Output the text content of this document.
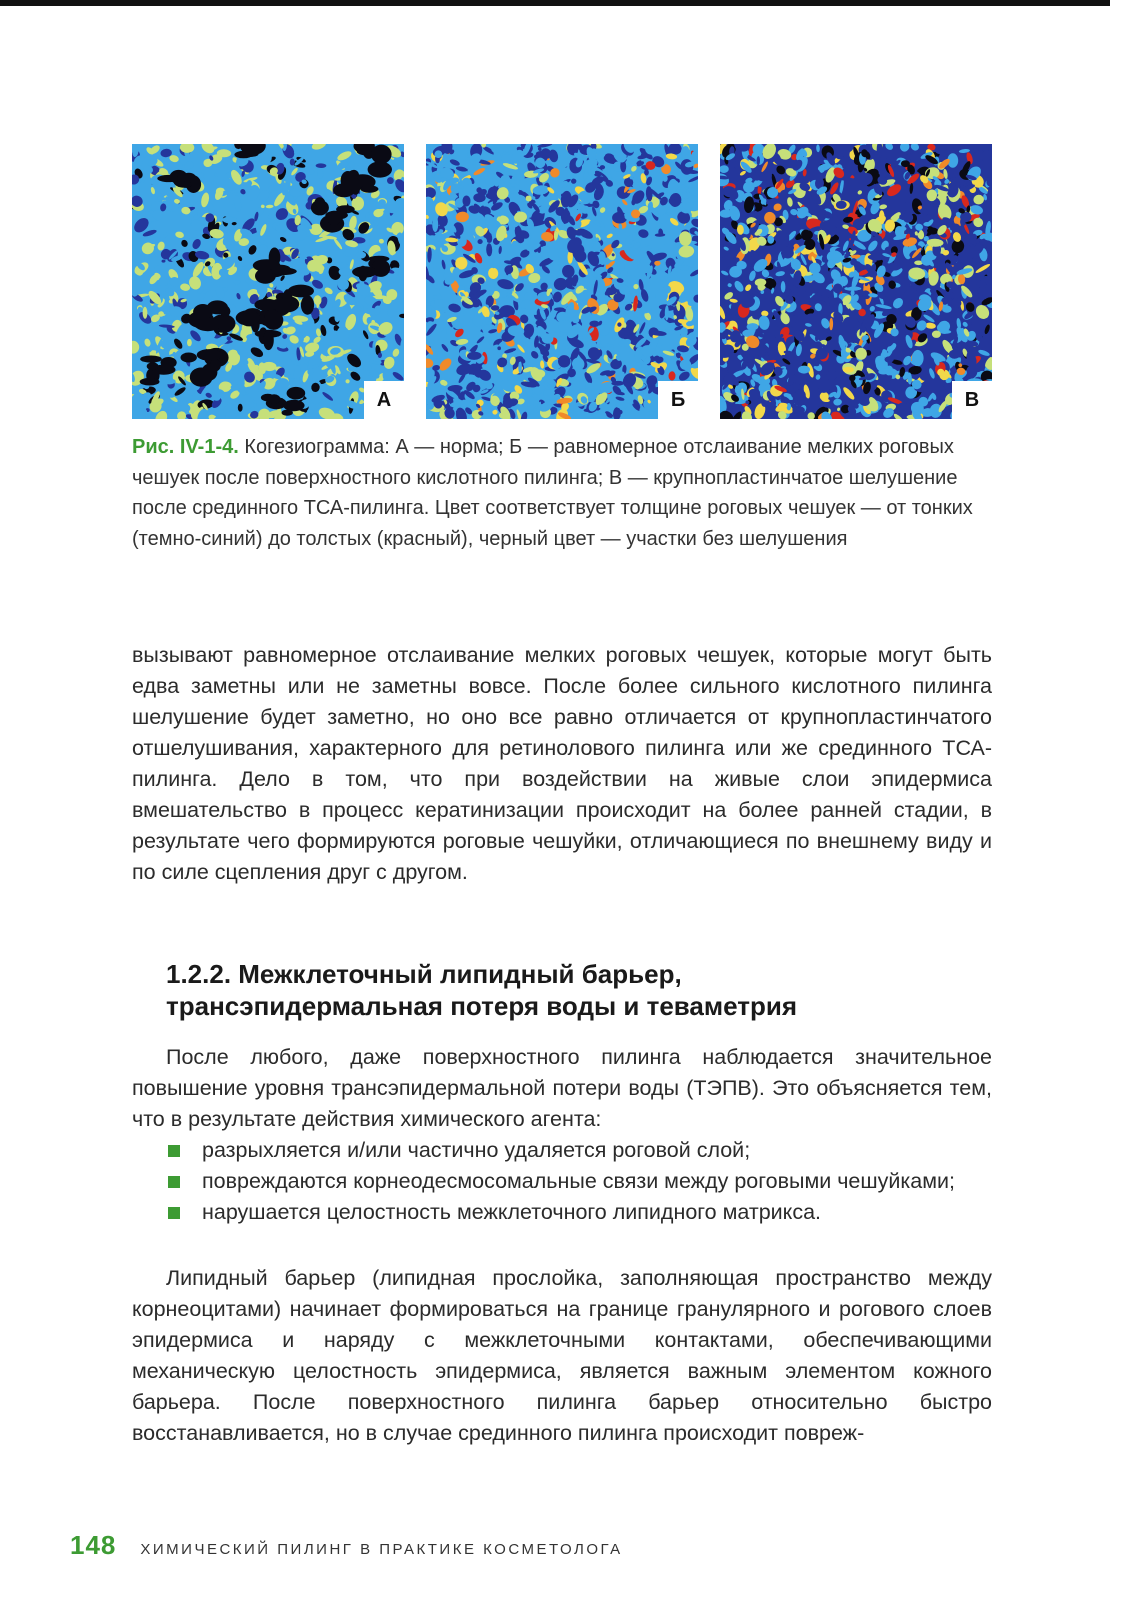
А	Б	В

Рис. IV-1-4. Когезиограмма: А — норма; Б — равномерное отслаивание мелких роговых чешуек после поверхностного кислотного пилинга; В — крупнопластинчатое шелушение после срединного ТСА-пилинга. Цвет соответствует толщине роговых чешуек — от тонких (темно-синий) до толстых (красный), черный цвет — участки без шелушения

вызывают равномерное отслаивание мелких роговых чешуек, которые могут быть едва заметны или не заметны вовсе. После более сильного кислотного пилинга шелушение будет заметно, но оно все равно отличается от крупнопластинчатого отшелушивания, характерного для ретинолового пилинга или же срединного ТСА-пилинга. Дело в том, что при воздействии на живые слои эпидермиса вмешательство в процесс кератинизации происходит на более ранней стадии, в результате чего формируются роговые чешуйки, отличающиеся по внешнему виду и по силе сцепления друг с другом.

1.2.2. Межклеточный липидный барьер,
трансэпидермальная потеря воды и теваметрия

После любого, даже поверхностного пилинга наблюдается значительное повышение уровня трансэпидермальной потери воды (ТЭПВ). Это объясняется тем, что в результате действия химического агента:

разрыхляется и/или частично удаляется роговой слой;
повреждаются корнеодесмосомальные связи между роговыми чешуйками;
нарушается целостность межклеточного липидного матрикса.

Липидный барьер (липидная прослойка, заполняющая пространство между корнеоцитами) начинает формироваться на границе гранулярного и рогового слоев эпидермиса и наряду с межклеточными контактами, обеспечивающими механическую целостность эпидермиса, является важным элементом кожного барьера. После поверхностного пилинга барьер относительно быстро восстанавливается, но в случае срединного пилинга происходит повреж-

148 ХИМИЧЕСКИЙ ПИЛИНГ В ПРАКТИКЕ КОСМЕТОЛОГА
